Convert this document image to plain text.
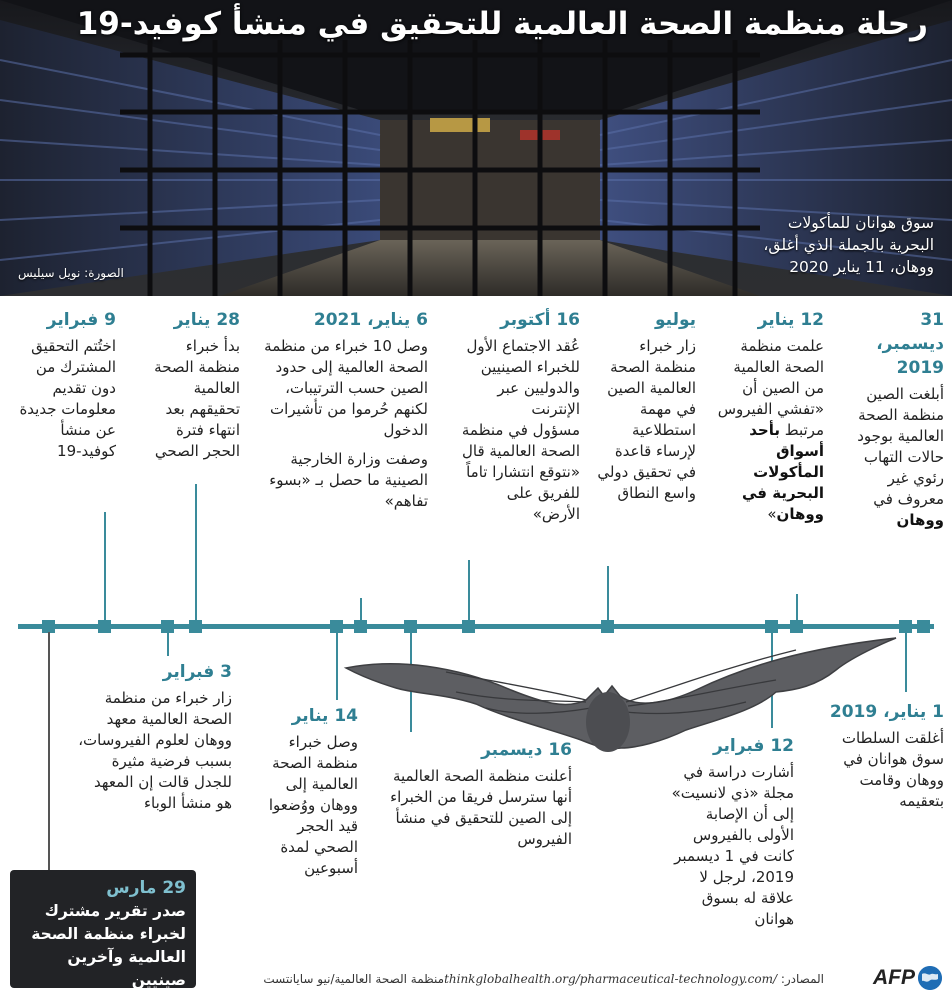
رحلة منظمة الصحة العالمية للتحقيق في منشأ كوفيد-19
سوق هوانان للمأكولات
البحرية بالجملة الذي أغلق،
ووهان، 11 يناير 2020
الصورة: نويل سيليس
31 ديسمبر، 2019

أبلغت الصين منظمة الصحة العالمية بوجود حالات التهاب رئوي غير معروف في ووهان

12 يناير

علمت منظمة الصحة العالمية من الصين أن «تفشي الفيروس مرتبط بأحد أسواق المأكولات البحرية في ووهان»

يوليو

زار خبراء منظمة الصحة العالمية الصين في مهمة استطلاعية لإرساء قاعدة في تحقيق دولي واسع النطاق

16 أكتوبر

عُقد الاجتماع الأول للخبراء الصينيين والدوليين عبر الإنترنت
مسؤول في منظمة الصحة العالمية قال «نتوقع انتشارا تاماً للفريق على الأرض»

6 يناير، 2021

وصل 10 خبراء من منظمة الصحة العالمية إلى حدود الصين حسب الترتيبات، لكنهم حُرموا من تأشيرات الدخول

وصفت وزارة الخارجية الصينية ما حصل بـ «بسوء تفاهم»

28 يناير

بدأ خبراء منظمة الصحة العالمية تحقيقهم بعد انتهاء فترة الحجر الصحي

9 فبراير

اختُتم التحقيق المشترك من دون تقديم معلومات جديدة عن منشأ كوفيد-19

1 يناير، 2019

أغلقت السلطات سوق هوانان في ووهان وقامت بتعقيمه

12 فبراير

أشارت دراسة في مجلة «ذي لانسيت» إلى أن الإصابة الأولى بالفيروس كانت في 1 ديسمبر 2019، لرجل لا علاقة له بسوق هوانان

16 ديسمبر

أعلنت منظمة الصحة العالمية أنها سترسل فريقا من الخبراء إلى الصين للتحقيق في منشأ الفيروس

14 يناير

وصل خبراء منظمة الصحة العالمية إلى ووهان ووُضعوا قيد الحجر الصحي لمدة أسبوعين

3 فبراير

زار خبراء من منظمة الصحة العالمية معهد ووهان لعلوم الفيروسات، بسبب فرضية مثيرة للجدل قالت إن المعهد هو منشأ الوباء

29 مارس

صدر تقرير مشترك لخبراء منظمة الصحة العالمية وآخرين صينيين	المصادر: thinkglobalhealth.org/pharmaceutical-technology.com/منظمة الصحة العالمية/نيو سايانتست	AFP
